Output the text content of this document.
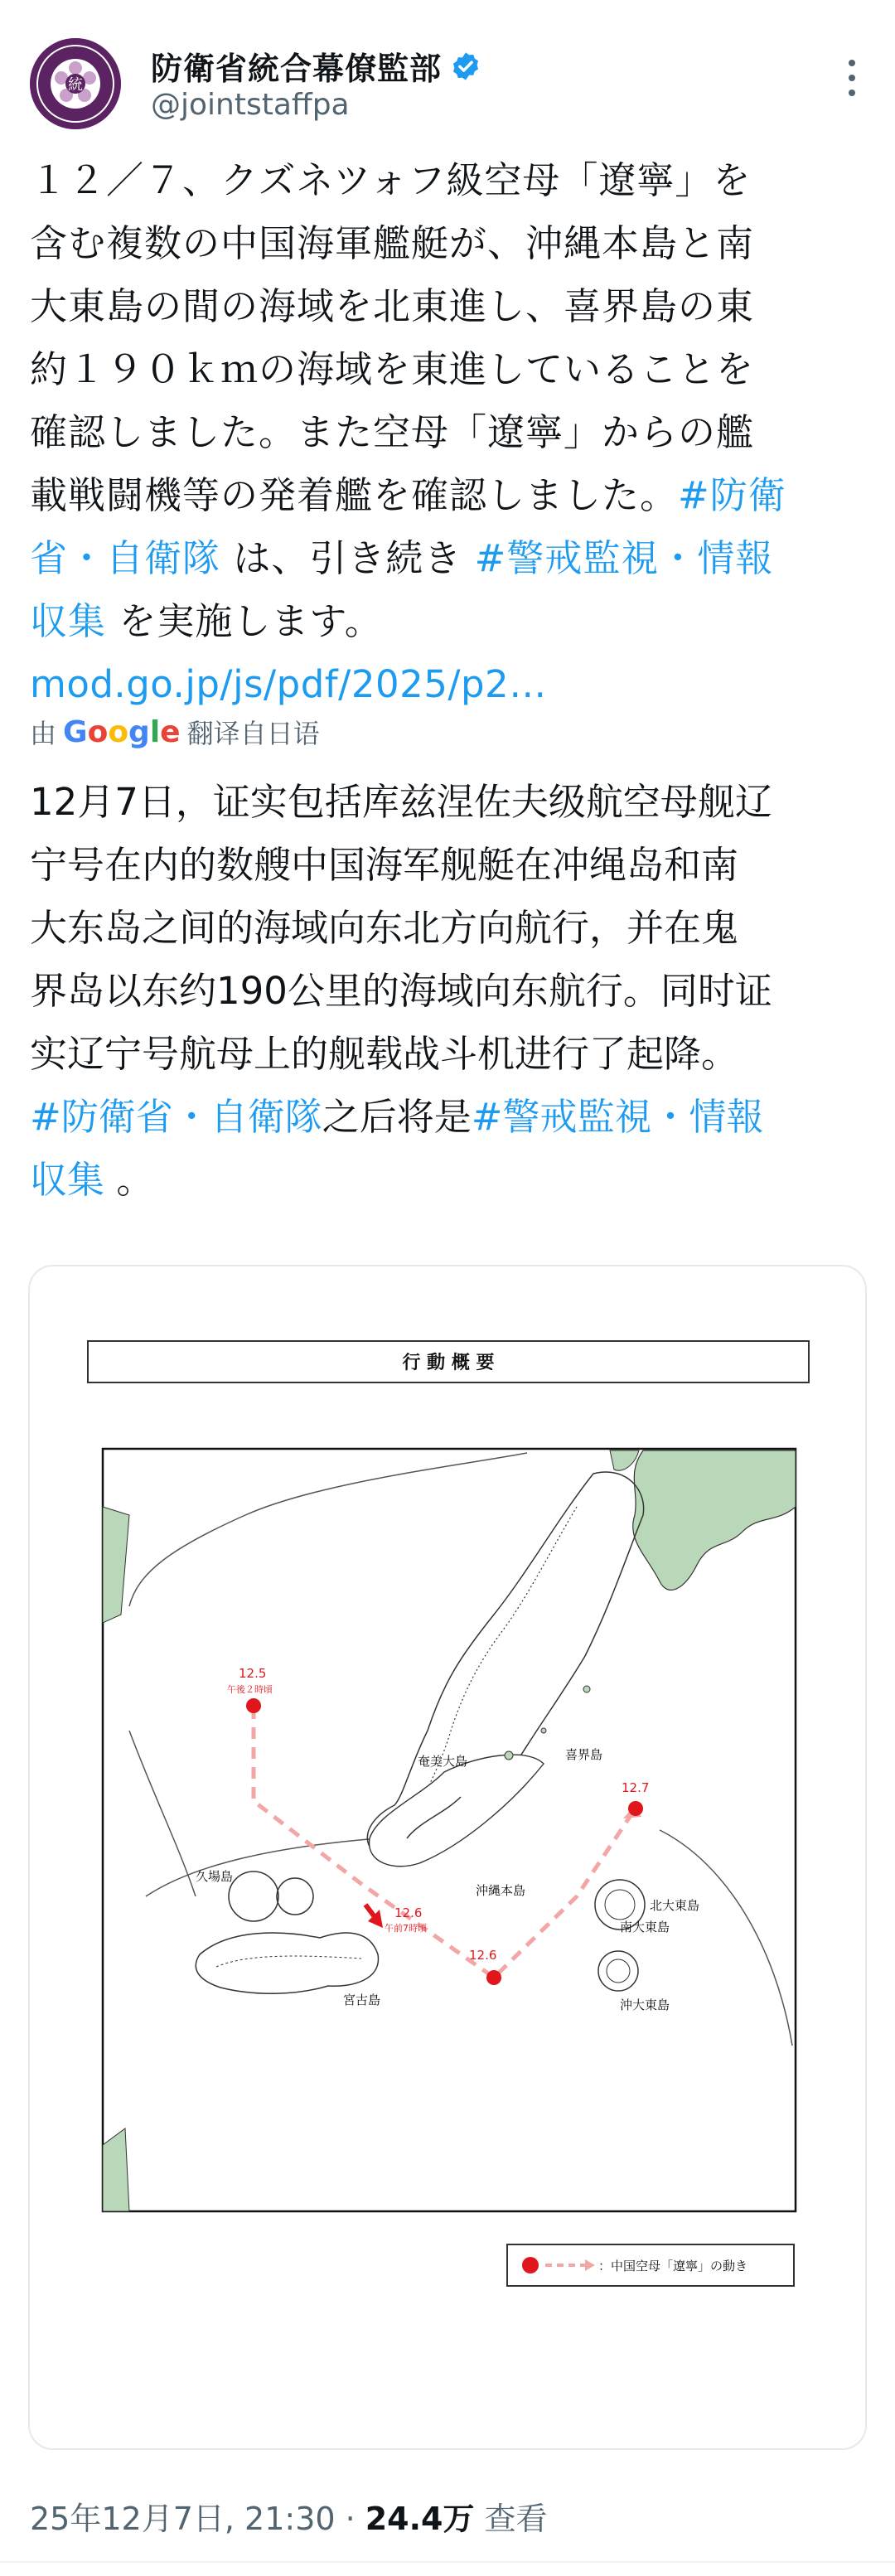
統 防衛省統合幕僚監部
@jointstaffpa
１２／７、クズネツォフ級空母「遼寧」を
含む複数の中国海軍艦艇が、沖縄本島と南
大東島の間の海域を北東進し、喜界島の東
約１９０ｋｍの海域を東進していることを
確認しました。また空母「遼寧」からの艦
載戦闘機等の発着艦を確認しました。#防衛
省・自衛隊 は、引き続き #警戒監視・情報
収集 を実施します。
mod.go.jp/js/pdf/2025/p2…
由 Google 翻译自日语
12月7日，证实包括库兹涅佐夫级航空母舰辽
宁号在内的数艘中国海军舰艇在冲绳岛和南
大东岛之间的海域向东北方向航行，并在鬼
界岛以东约190公里的海域向东航行。同时证
实辽宁号航母上的舰载战斗机进行了起降。
#防衛省・自衛隊之后将是#警戒監視・情報
収集 。
行 動 概 要
奄美大島	喜界島
沖縄本島
久場島
宮古島
北大東島
南大東島
沖大東島
12.5
午後２時頃
12.6
午前7時頃
12.6
12.7
：中国空母「遼寧」の動き
25年12月7日, 21:30 · 24.4万 查看
